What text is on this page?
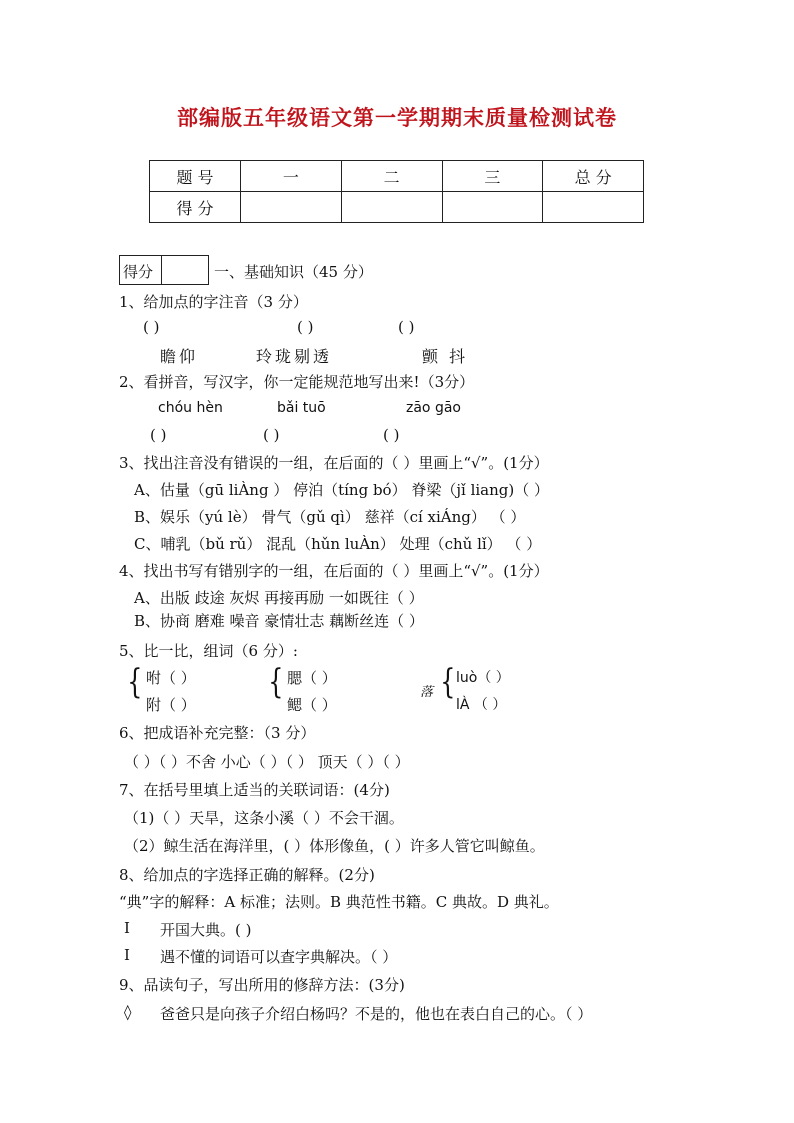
部编版五年级语文第一学期期末质量检测试卷
题 号	一	二	三	总 分
得 分				
得分	一、基础知识（45 分）
1、给加点的字注音（3 分）
( )	( )	( )
瞻仰	玲珑剔透	颤 抖
2、看拼音，写汉字，你一定能规范地写出来!（3分）
chóu hèn	bǎi tuō	zāo gāo
( )	( )	( )
3、找出注音没有错误的一组，在后面的（ ）里画上“√”。(1分）
A、估量（gū liÀng ） 停泊（tíng bó） 脊梁（jǐ liang)（ ）
B、娱乐（yú lè） 骨气（gǔ qì） 慈祥（cí xiÁng） （ ）
C、哺乳（bǔ rǔ） 混乱（hǔn luÀn） 处理（chǔ lǐ） （ ）
4、找出书写有错别字的一组，在后面的（ ）里画上“√”。(1分）
A、出版 歧途 灰烬 再接再励 一如既往（ ）
B、协商 磨难 噪音 豪情壮志 藕断丝连（ ）
5、比一比，组词（6 分）:
{ 咐（ ）
附（ ）
{ 腮（ ）
鳃（ ）
落 { luò（ ）
lÀ （ ）
6、把成语补充完整：（3 分）
（ ）（ ）不舍 小心（ ）（ ） 顶天（ ）（ ）
7、在括号里填上适当的关联词语：(4分)
（1)（ ）天旱，这条小溪（ ）不会干涸。
（2）鲸生活在海洋里，( ）体形像鱼，( ）许多人管它叫鲸鱼。
8、给加点的字选择正确的解释。(2分)
“典”字的解释：A 标准；法则。B 典范性书籍。C 典故。D 典礼。
Ⅰ 开国大典。( )
Ⅰ 遇不懂的词语可以查字典解决。（ ）
9、品读句子，写出所用的修辞方法：(3分)
◊ 爸爸只是向孩子介绍白杨吗？不是的，他也在表白自己的心。（ ）
